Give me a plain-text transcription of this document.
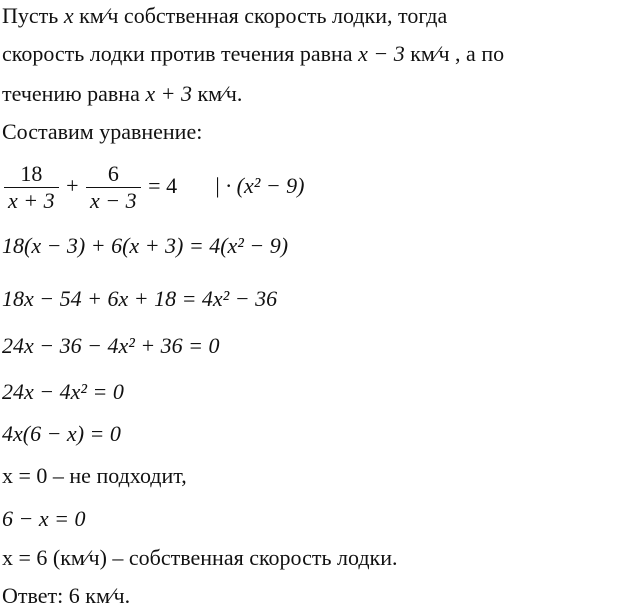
Пусть x км⁄ч собственная скорость лодки, тогда
скорость лодки против течения равна x − 3 км⁄ч , а по
течению равна x + 3 км⁄ч.
Составим уравнение:
$\frac{18}{x + 3} + \frac{6}{x - 3} = 4$ | · (x² − 9)
18(x − 3) + 6(x + 3) = 4(x² − 9)
18x − 54 + 6x + 18 = 4x² − 36
24x − 36 − 4x² + 36 = 0
24x − 4x² = 0
4x(6 − x) = 0
x = 0 – не подходит,
6 − x = 0
x = 6 (км⁄ч) – собственная скорость лодки.
Ответ: 6 км⁄ч.
